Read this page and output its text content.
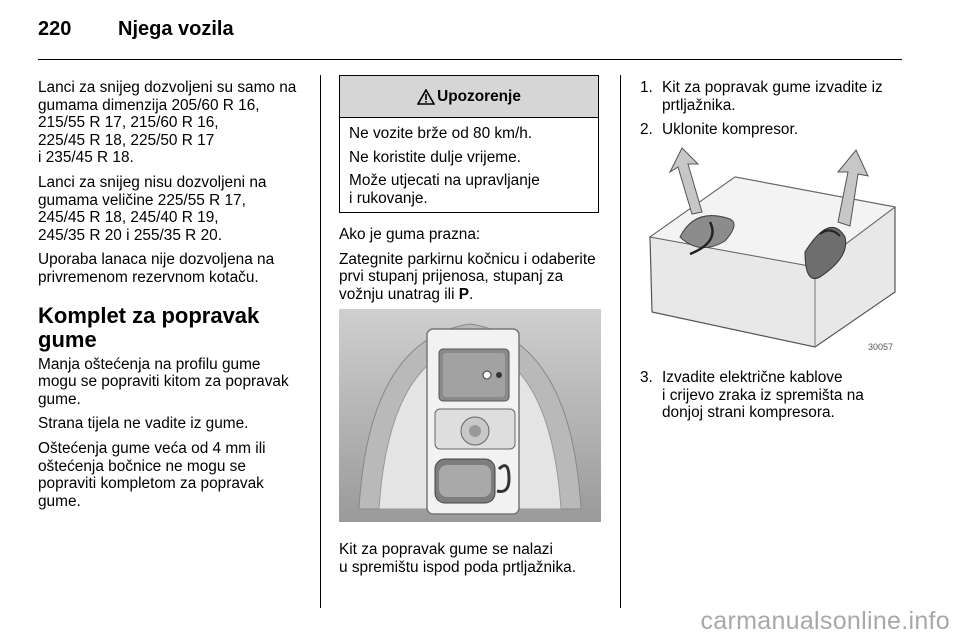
220 Njega vozila

Lanci za snijeg dozvoljeni su samo na
gumama dimenzija 205/60 R 16,
215/55 R 17, 215/60 R 16,
225/45 R 18, 225/50 R 17
i 235/45 R 18.

Lanci za snijeg nisu dozvoljeni na
gumama veličine 225/55 R 17,
245/45 R 18, 245/40 R 19,
245/35 R 20 i 255/35 R 20.

Uporaba lanaca nije dozvoljena na
privremenom rezervnom kotaču.

Komplet za popravak
gume

Manja oštećenja na profilu gume
mogu se popraviti kitom za popravak
gume.

Strana tijela ne vadite iz gume.

Oštećenja gume veća od 4 mm ili
oštećenja bočnice ne mogu se
popraviti kompletom za popravak
gume.

Upozorenje

Ne vozite brže od 80 km/h.

Ne koristite dulje vrijeme.

Može utjecati na upravljanje
i rukovanje.

Ako je guma prazna:

Zategnite parkirnu kočnicu i odaberite
prvi stupanj prijenosa, stupanj za
vožnju unatrag ili P.

Kit za popravak gume se nalazi
u spremištu ispod poda prtljažnika.
1. Kit za popravak gume izvadite iz
prtljažnika.
2. Uklonite kompresor.
30057
3. Izvadite električne kablove
i crijevo zraka iz spremišta na
donjoj strani kompresora.
carmanualsonline.info
